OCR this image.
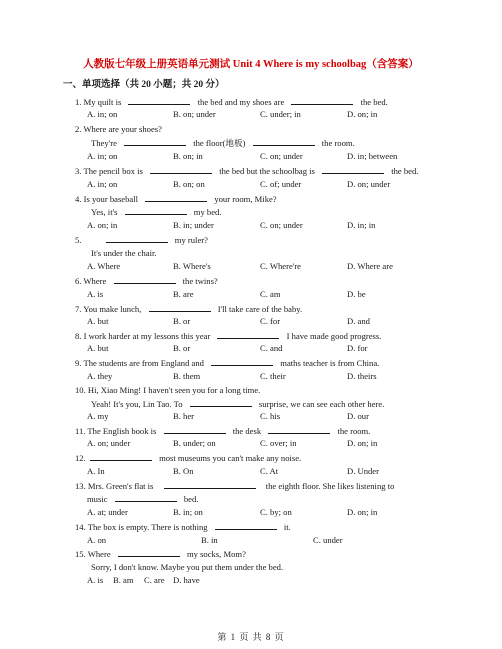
人教版七年级上册英语单元测试 Unit 4 Where is my schoolbag（含答案）
一、单项选择（共 20 小题；共 20 分）
1. My quilt is	the bed and my shoes are	the bed.
A. in; on	B. on; under	C. under; in	D. on; in
2. Where are your shoes?
They're	the floor(地板)	the room.
A. in; on	B. on; in	C. on; under	D. in; between
3. The pencil box is	the bed but the schoolbag is	the bed.
A. in; on	B. on; on	C. of; under	D. on; under
4. Is your baseball	your room, Mike?
Yes, it's	my bed.
A. on; in	B. in; under	C. on; under	D. in; in
5.	my ruler?
It's under the chair.
A. Where	B. Where's	C. Where're	D. Where are
6. Where	the twins?
A. is	B. are	C. am	D. be
7. You make lunch,	I'll take care of the baby.
A. but	B. or	C. for	D. and
8. I work harder at my lessons this year	I have made good progress.
A. but	B. or	C. and	D. for
9. The students are from England and	maths teacher is from China.
A. they	B. them	C. their	D. theirs
10. Hi, Xiao Ming! I haven't seen you for a long time.
Yeah! It's you, Lin Tao. To	surprise, we can see each other here.
A. my	B. her	C. his	D. our
11. The English book is	the desk	the room.
A. on; under	B. under; on	C. over; in	D. on; in
12.	most museums you can't make any noise.
A. In	B. On	C. At	D. Under
13. Mrs. Green's flat is	the eighth floor. She likes listening to
music	bed.
A. at; under	B. in; on	C. by; on	D. on; in
14. The box is empty. There is nothing	it.
A. on	B. in	C. under
15. Where	my socks, Mom?
Sorry, I don't know. Maybe you put them under the bed.
A. is B. am C. are D. have
第 1 页 共 8 页
